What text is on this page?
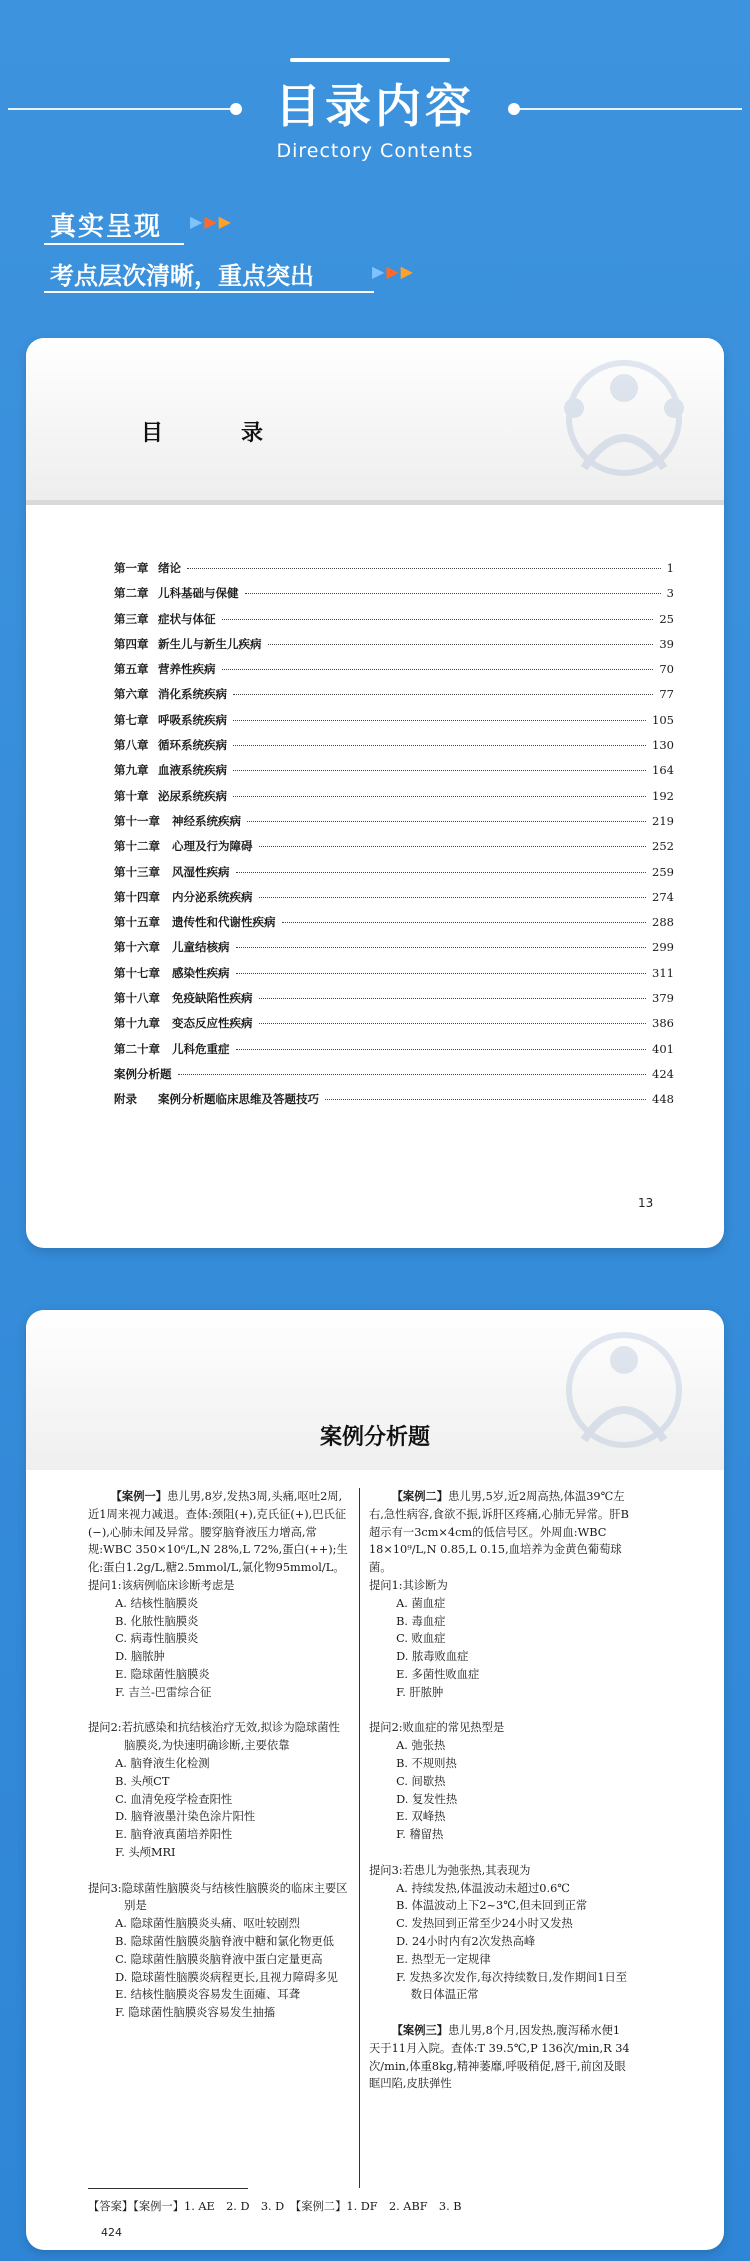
目录内容
Directory Contents
真实呈现 ▶▶▶
考点层次清晰，重点突出	▶▶▶
目　录
第一章 绪论	1
第二章 儿科基础与保健	3
第三章 症状与体征	25
第四章 新生儿与新生儿疾病	39
第五章 营养性疾病	70
第六章 消化系统疾病	77
第七章 呼吸系统疾病	105
第八章 循环系统疾病	130
第九章 血液系统疾病	164
第十章 泌尿系统疾病	192
第十一章	神经系统疾病	219
第十二章	心理及行为障碍	252
第十三章	风湿性疾病	259
第十四章	内分泌系统疾病	274
第十五章	遗传性和代谢性疾病	288
第十六章	儿童结核病	299
第十七章	感染性疾病	311
第十八章	免疫缺陷性疾病	379
第十九章	变态反应性疾病	386
第二十章	儿科危重症	401
案例分析题	424
附录	案例分析题临床思维及答题技巧	448
13
案例分析题
【案例一】患儿男,8岁,发热3周,头痛,呕吐2周,近1周来视力减退。查体:颈阻(+),克氏征(+),巴氏征(−),心肺未闻及异常。腰穿脑脊液压力增高,常规:WBC 350×10⁶/L,N 28%,L 72%,蛋白(++);生化:蛋白1.2g/L,糖2.5mmol/L,氯化物95mmol/L。
提问1:该病例临床诊断考虑是
A. 结核性脑膜炎
B. 化脓性脑膜炎
C. 病毒性脑膜炎
D. 脑脓肿
E. 隐球菌性脑膜炎
F. 吉兰-巴雷综合征
提问2:若抗感染和抗结核治疗无效,拟诊为隐球菌性脑膜炎,为快速明确诊断,主要依靠
A. 脑脊液生化检测
B. 头颅CT
C. 血清免疫学检查阳性
D. 脑脊液墨汁染色涂片阳性
E. 脑脊液真菌培养阳性
F. 头颅MRI
提问3:隐球菌性脑膜炎与结核性脑膜炎的临床主要区别是
A. 隐球菌性脑膜炎头痛、呕吐较剧烈
B. 隐球菌性脑膜炎脑脊液中糖和氯化物更低
C. 隐球菌性脑膜炎脑脊液中蛋白定量更高
D. 隐球菌性脑膜炎病程更长,且视力障碍多见
E. 结核性脑膜炎容易发生面瘫、耳聋
F. 隐球菌性脑膜炎容易发生抽搐
【案例二】患儿男,5岁,近2周高热,体温39℃左右,急性病容,食欲不振,诉肝区疼痛,心肺无异常。肝B超示有一3cm×4cm的低信号区。外周血:WBC 18×10⁹/L,N 0.85,L 0.15,血培养为金黄色葡萄球菌。
提问1:其诊断为
A. 菌血症
B. 毒血症
C. 败血症
D. 脓毒败血症
E. 多菌性败血症
F. 肝脓肿
提问2:败血症的常见热型是
A. 弛张热
B. 不规则热
C. 间歇热
D. 复发性热
E. 双峰热
F. 稽留热
提问3:若患儿为弛张热,其表现为
A. 持续发热,体温波动未超过0.6℃
B. 体温波动上下2~3℃,但未回到正常
C. 发热回到正常至少24小时又发热
D. 24小时内有2次发热高峰
E. 热型无一定规律
F. 发热多次发作,每次持续数日,发作期间1日至数日体温正常
【案例三】患儿男,8个月,因发热,腹泻稀水便1天于11月入院。查体:T 39.5℃,P 136次/min,R 34次/min,体重8kg,精神萎靡,呼吸稍促,唇干,前囟及眼眶凹陷,皮肤弹性
【答案】【案例一】1. AE　2. D　3. D　【案例二】1. DF　2. ABF　3. B
424
